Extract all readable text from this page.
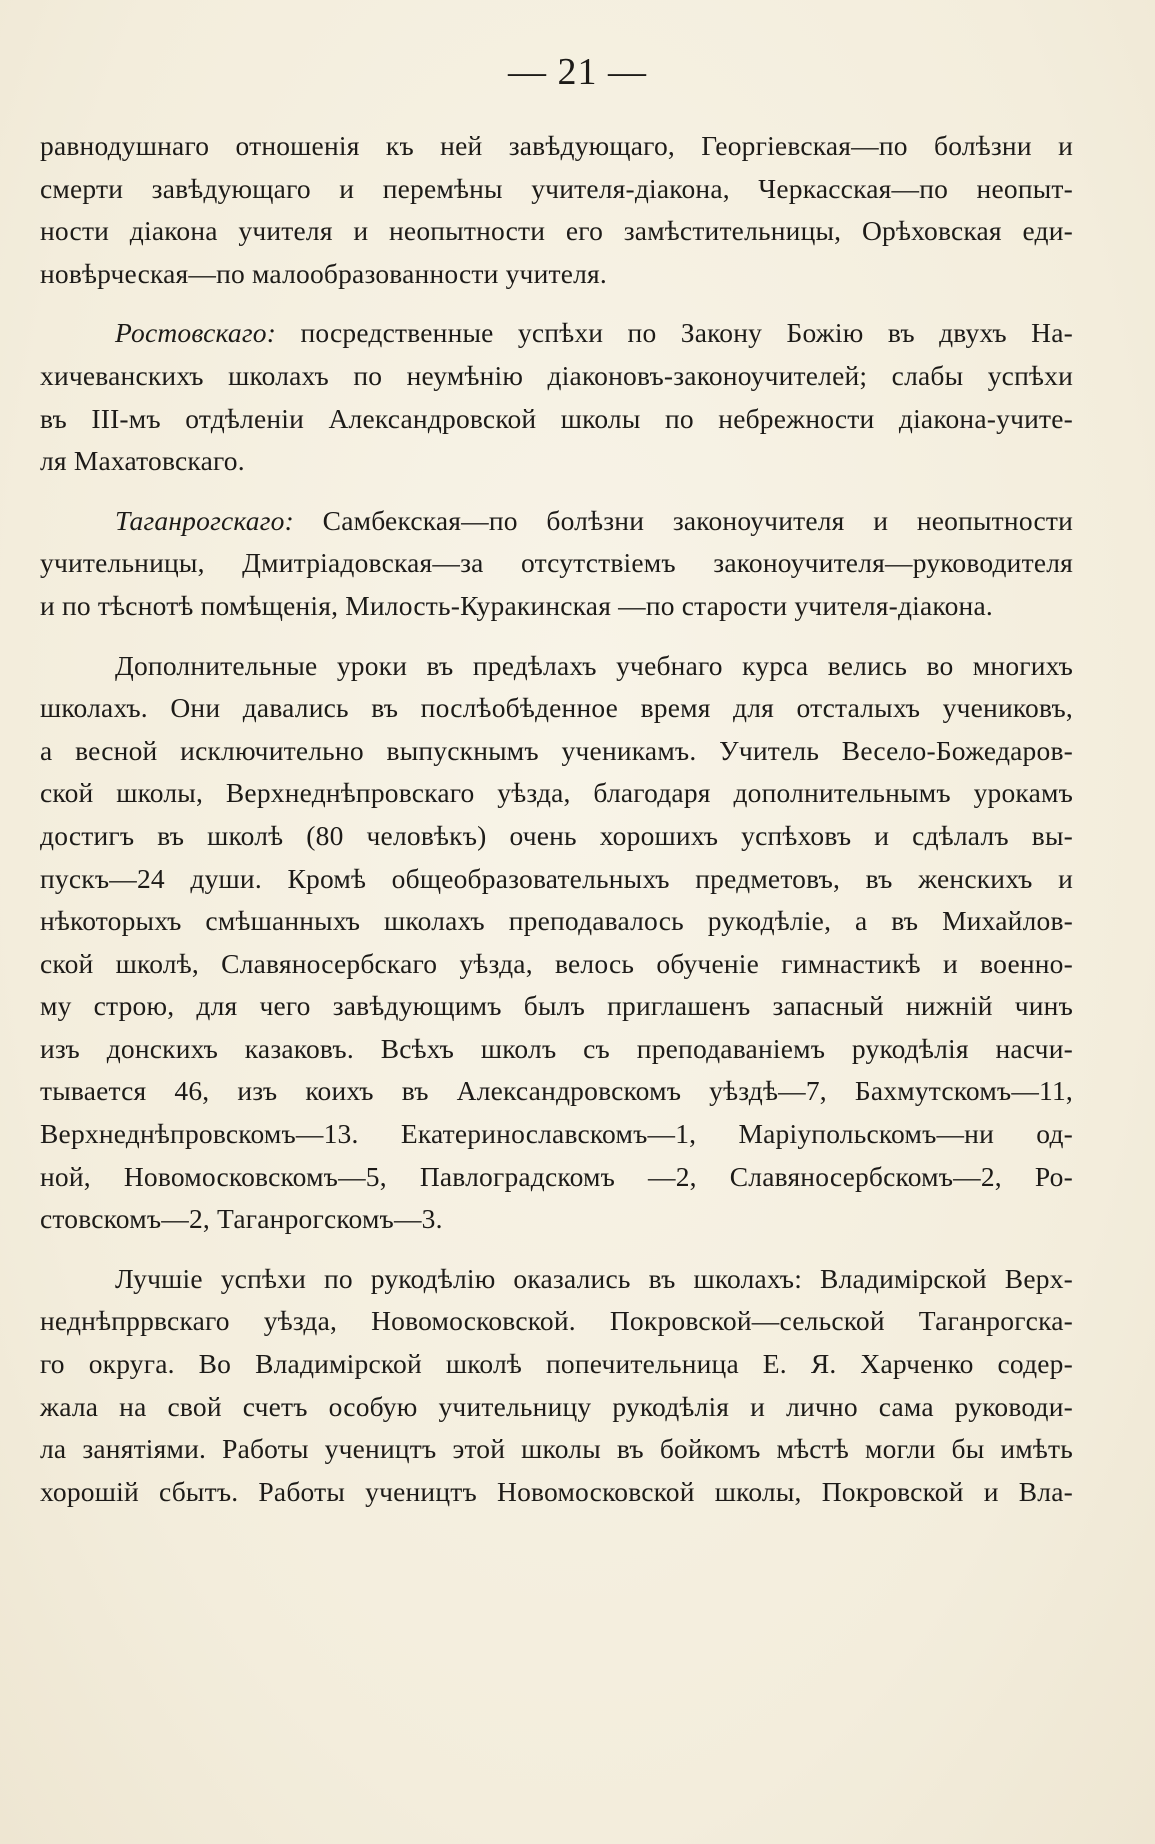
— 21 —
равнодушнаго отношенія къ ней завѣдующаго, Георгіевская—по болѣзни и
смерти завѣдующаго и перемѣны учителя-діакона, Черкасская—по неопыт-
ности діакона учителя и неопытности его замѣстительницы, Орѣховская еди-
новѣрческая—по малообразованности учителя.
Ростовскаго: посредственные успѣхи по Закону Божію въ двухъ На-
хичеванскихъ школахъ по неумѣнію діаконовъ-законоучителей; слабы успѣхи
въ III-мъ отдѣленіи Александровской школы по небрежности діакона-учите-
ля Махатовскаго.
Таганрогскаго: Самбекская—по болѣзни законоучителя и неопытности
учительницы, Дмитріадовская—за отсутствіемъ законоучителя—руководителя
и по тѣснотѣ помѣщенія, Милость-Куракинская —по старости учителя-діакона.
Дополнительные уроки въ предѣлахъ учебнаго курса велись во многихъ
школахъ. Они давались въ послѣобѣденное время для отсталыхъ учениковъ,
а весной исключительно выпускнымъ ученикамъ. Учитель Весело-Божедаров-
ской школы, Верхнеднѣпровскаго уѣзда, благодаря дополнительнымъ урокамъ
достигъ въ школѣ (80 человѣкъ) очень хорошихъ успѣховъ и сдѣлалъ вы-
пускъ—24 души. Кромѣ общеобразовательныхъ предметовъ, въ женскихъ и
нѣкоторыхъ смѣшанныхъ школахъ преподавалось рукодѣліе, а въ Михайлов-
ской школѣ, Славяносербскаго уѣзда, велось обученіе гимнастикѣ и военно-
му строю, для чего завѣдующимъ былъ приглашенъ запасный нижній чинъ
изъ донскихъ казаковъ. Всѣхъ школъ съ преподаваніемъ рукодѣлія насчи-
тывается 46, изъ коихъ въ Александровскомъ уѣздѣ—7, Бахмутскомъ—11,
Верхнеднѣпровскомъ—13. Екатеринославскомъ—1, Маріупольскомъ—ни од-
ной, Новомосковскомъ—5, Павлоградскомъ —2, Славяносербскомъ—2, Ро-
стовскомъ—2, Таганрогскомъ—3.
Лучшіе успѣхи по рукодѣлію оказались въ школахъ: Владимірской Верх-
неднѣпррвскаго уѣзда, Новомосковской. Покровской—сельской Таганрогска-
го округа. Во Владимірской школѣ попечительница Е. Я. Харченко содер-
жала на свой счетъ особую учительницу рукодѣлія и лично сама руководи-
ла занятіями. Работы учеництъ этой школы въ бойкомъ мѣстѣ могли бы имѣть
хорошій сбытъ. Работы учеництъ Новомосковской школы, Покровской и Вла-
